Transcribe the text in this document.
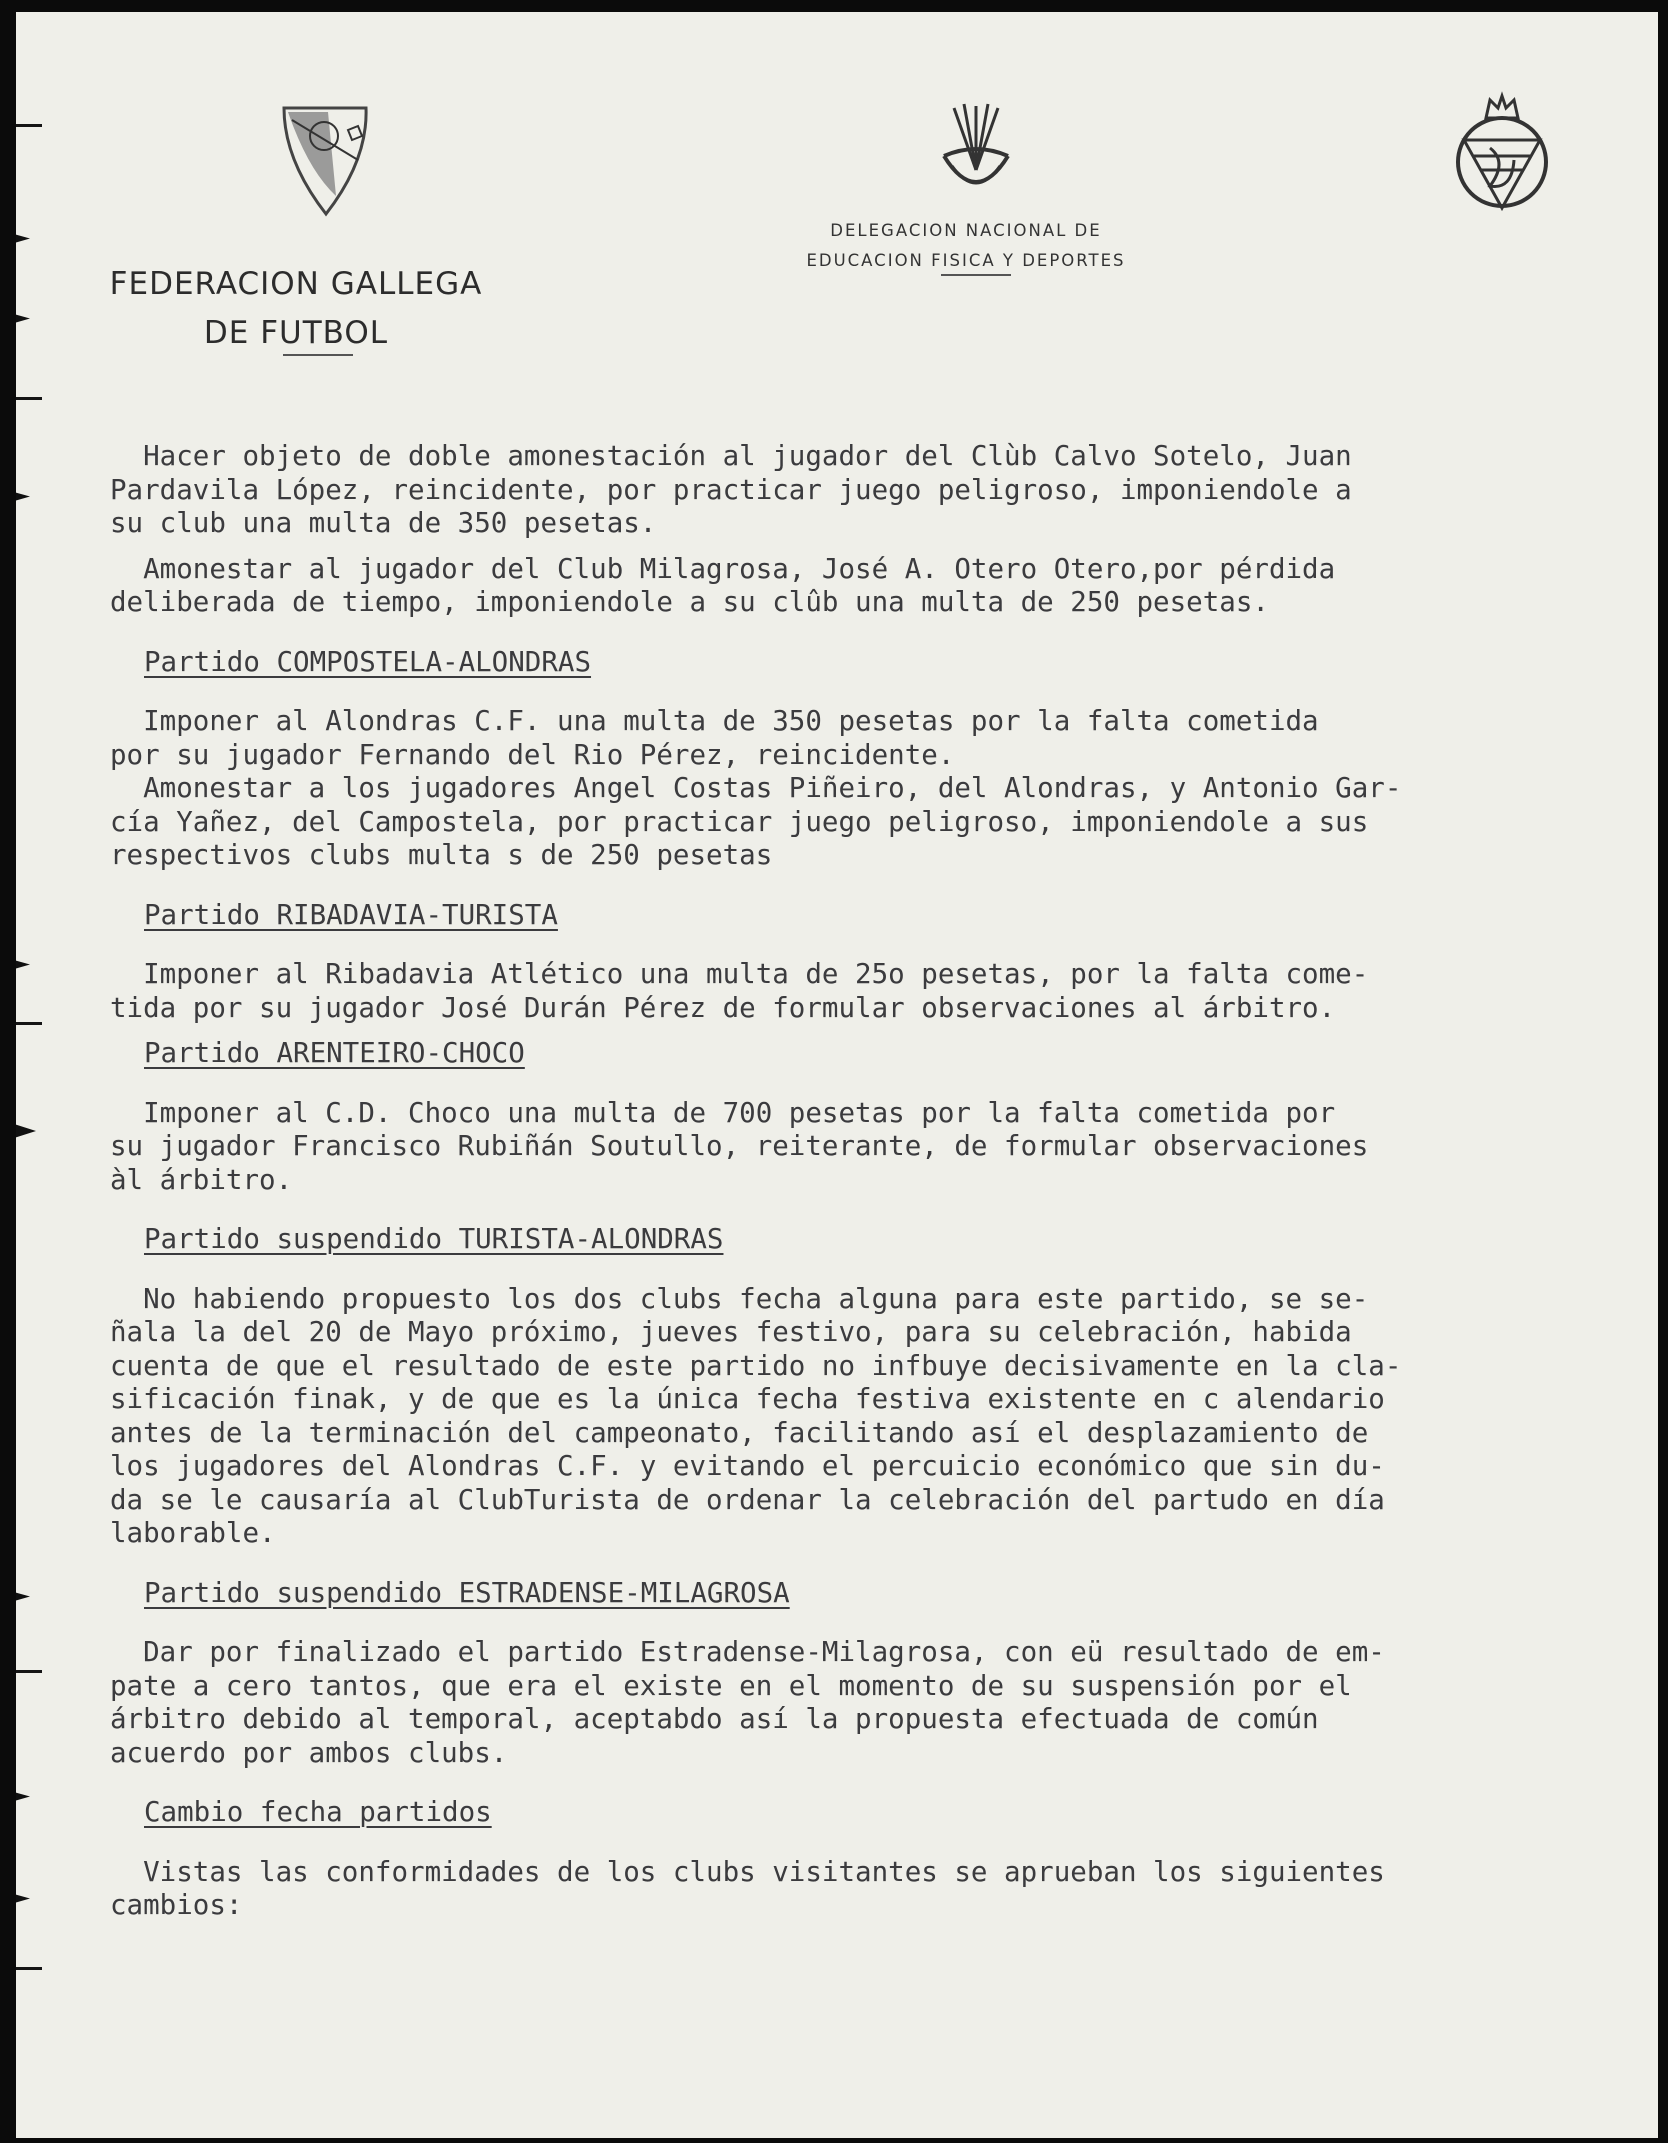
FEDERACION GALLEGA
DE FUTBOL
DELEGACION NACIONAL DE
EDUCACION FISICA Y DEPORTES
Hacer objeto de doble amonestación al jugador del Clùb Calvo Sotelo, Juan
Pardavila López, reincidente, por practicar juego peligroso, imponiendole a
su club una multa de 350 pesetas.
Amonestar al jugador del Club Milagrosa, José A. Otero Otero,por pérdida
deliberada de tiempo, imponiendole a su clûb una multa de 250 pesetas.
Partido COMPOSTELA-ALONDRAS
Imponer al Alondras C.F. una multa de 350 pesetas por la falta cometida
por su jugador Fernando del Rio Pérez, reincidente.
Amonestar a los jugadores Angel Costas Piñeiro, del Alondras, y Antonio Gar-
cía Yañez, del Campostela, por practicar juego peligroso, imponiendole a sus
respectivos clubs multa s de 250 pesetas
Partido RIBADAVIA-TURISTA
Imponer al Ribadavia Atlético una multa de 25o pesetas, por la falta come-
tida por su jugador José Durán Pérez de formular observaciones al árbitro.
Partido ARENTEIRO-CHOCO
Imponer al C.D. Choco una multa de 700 pesetas por la falta cometida por
su jugador Francisco Rubiñán Soutullo, reiterante, de formular observaciones
àl árbitro.
Partido suspendido TURISTA-ALONDRAS
No habiendo propuesto los dos clubs fecha alguna para este partido, se se-
ñala la del 20 de Mayo próximo, jueves festivo, para su celebración, habida
cuenta de que el resultado de este partido no infbuye decisivamente en la cla-
sificación finak, y de que es la única fecha festiva existente en c alendario
antes de la terminación del campeonato, facilitando así el desplazamiento de
los jugadores del Alondras C.F. y evitando el percuicio económico que sin du-
da se le causaría al ClubTurista de ordenar la celebración del partudo en día
laborable.
Partido suspendido ESTRADENSE-MILAGROSA
Dar por finalizado el partido Estradense-Milagrosa, con eü resultado de em-
pate a cero tantos, que era el existe en el momento de su suspensión por el
árbitro debido al temporal, aceptabdo así la propuesta efectuada de común
acuerdo por ambos clubs.
Cambio fecha partidos
Vistas las conformidades de los clubs visitantes se aprueban los siguientes
cambios:
